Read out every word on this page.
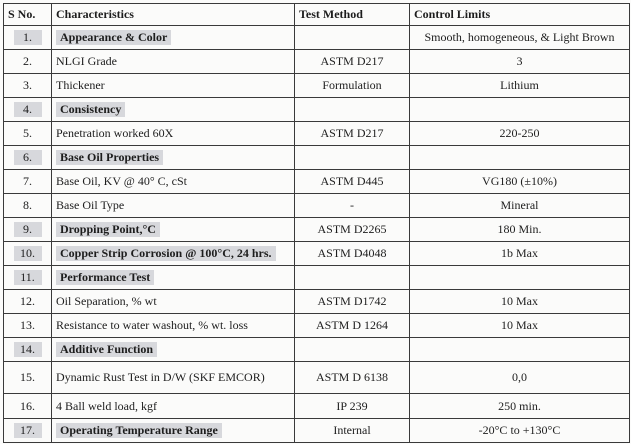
S No.	Characteristics	Test Method	Control Limits
1.	Appearance & Color		Smooth, homogeneous, & Light Brown
2.	NLGI Grade	ASTM D217	3
3.	Thickener	Formulation	Lithium
4.	Consistency		
5.	Penetration worked 60X	ASTM D217	220-250
6.	Base Oil Properties		
7.	Base Oil, KV @ 40° C, cSt	ASTM D445	VG180 (±10%)
8.	Base Oil Type	-	Mineral
9.	Dropping Point,°C	ASTM D2265	180 Min.
10.	Copper Strip Corrosion @ 100°C, 24 hrs.	ASTM D4048	1b Max
11.	Performance Test		
12.	Oil Separation, % wt	ASTM D1742	10 Max
13.	Resistance to water washout, % wt. loss	ASTM D 1264	10 Max
14.	Additive Function		
15.	Dynamic Rust Test in D/W (SKF EMCOR)	ASTM D 6138	0,0
16.	4 Ball weld load, kgf	IP 239	250 min.
17.	Operating Temperature Range	Internal	-20°C to +130°C
